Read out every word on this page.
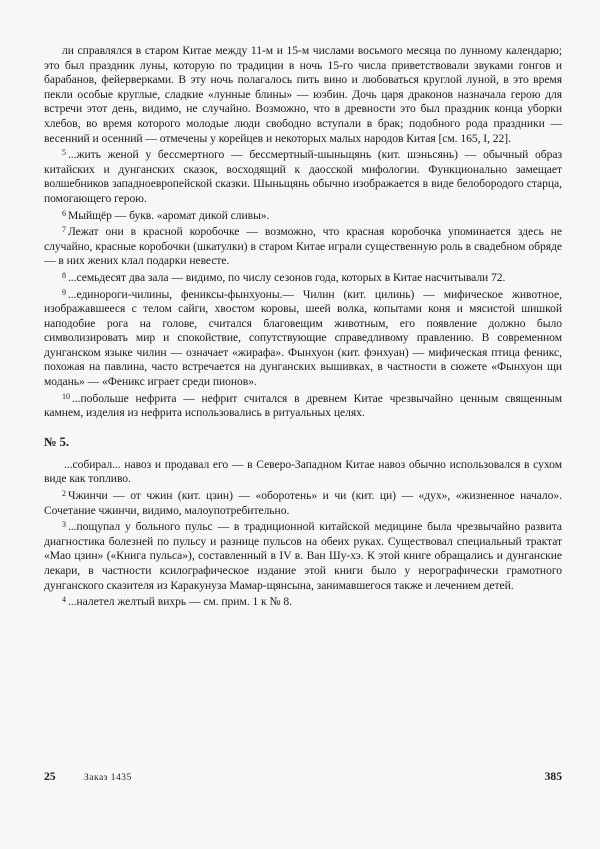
ли справлялся в старом Китае между 11-м и 15-м числами восьмого месяца по лунному календарю; это был праздник луны, которую по традиции в ночь 15-го числа приветствовали звуками гонгов и барабанов, фейерверками. В эту ночь полагалось пить вино и любоваться круглой луной, в это время пекли особые круглые, сладкие «лунные блины» — юэбин. Дочь царя драконов назначала герою для встречи этот день, видимо, не случайно. Возможно, что в древности это был праздник конца уборки хлебов, во время которого молодые люди свободно вступали в брак; подобного рода праздники — весенний и осенний — отмечены у корейцев и некоторых малых народов Китая [см. 165, I, 22].

$^5$ ...жить женой у бессмертного — бессмертный-шыньщянь (кит. шэньсянь) — обычный образ китайских и дунганских сказок, восходящий к даосской мифологии. Функционально замещает волшебников западноевропейской сказки. Шыньщянь обычно изображается в виде белобородого старца, помогающего герою.

$^6$ Мыйщёр — букв. «аромат дикой сливы».

$^7$ Лежат они в красной коробочке — возможно, что красная коробочка упоминается здесь не случайно, красные коробочки (шкатулки) в старом Китае играли существенную роль в свадебном обряде — в них жених клал подарки невесте.

$^8$ ...семьдесят два зала — видимо, по числу сезонов года, которых в Китае насчитывали 72.

$^9$ ...единороги-чилины, фениксы-фынхуоны.— Чилин (кит. цилинь) — мифическое животное, изображавшееся с телом сайги, хвостом коровы, шеей волка, копытами коня и мясистой шишкой наподобие рога на голове, считался благовещим животным, его появление должно было символизировать мир и спокойствие, сопутствующие справедливому правлению. В современном дунганском языке чилин — означает «жирафа». Фынхуон (кит. фэнхуан) — мифическая птица феникс, похожая на павлина, часто встречается на дунганских вышивках, в частности в сюжете «Фынхуон щи модань» — «Феникс играет среди пионов».

$^{10}$ ...побольше нефрита — нефрит считался в древнем Китае чрезвычайно ценным священным камнем, изделия из нефрита использовались в ритуальных целях.

№ 5.

...собирал... навоз и продавал его — в Северо-Западном Китае навоз обычно использовался в сухом виде как топливо.

$^2$ Чжинчи — от чжин (кит. цзин) — «оборотень» и чи (кит. ци) — «дух», «жизненное начало». Сочетание чжинчи, видимо, малоупотребительно.

$^3$ ...пощупал у больного пульс — в традиционной китайской медицине была чрезвычайно развита диагностика болезней по пульсу и разнице пульсов на обеих руках. Существовал специальный трактат «Мао цзин» («Книга пульса»), составленный в IV в. Ван Шу-хэ. К этой книге обращались и дунганские лекари, в частности ксилографическое издание этой книги было у нерографически грамотного дунганского сказителя из Каракунуза Мамар-щянсына, занимавшегося также и лечением детей.

$^4$ ...налетел желтый вихрь — см. прим. 1 к № 8.

25	Заказ 1435	385
